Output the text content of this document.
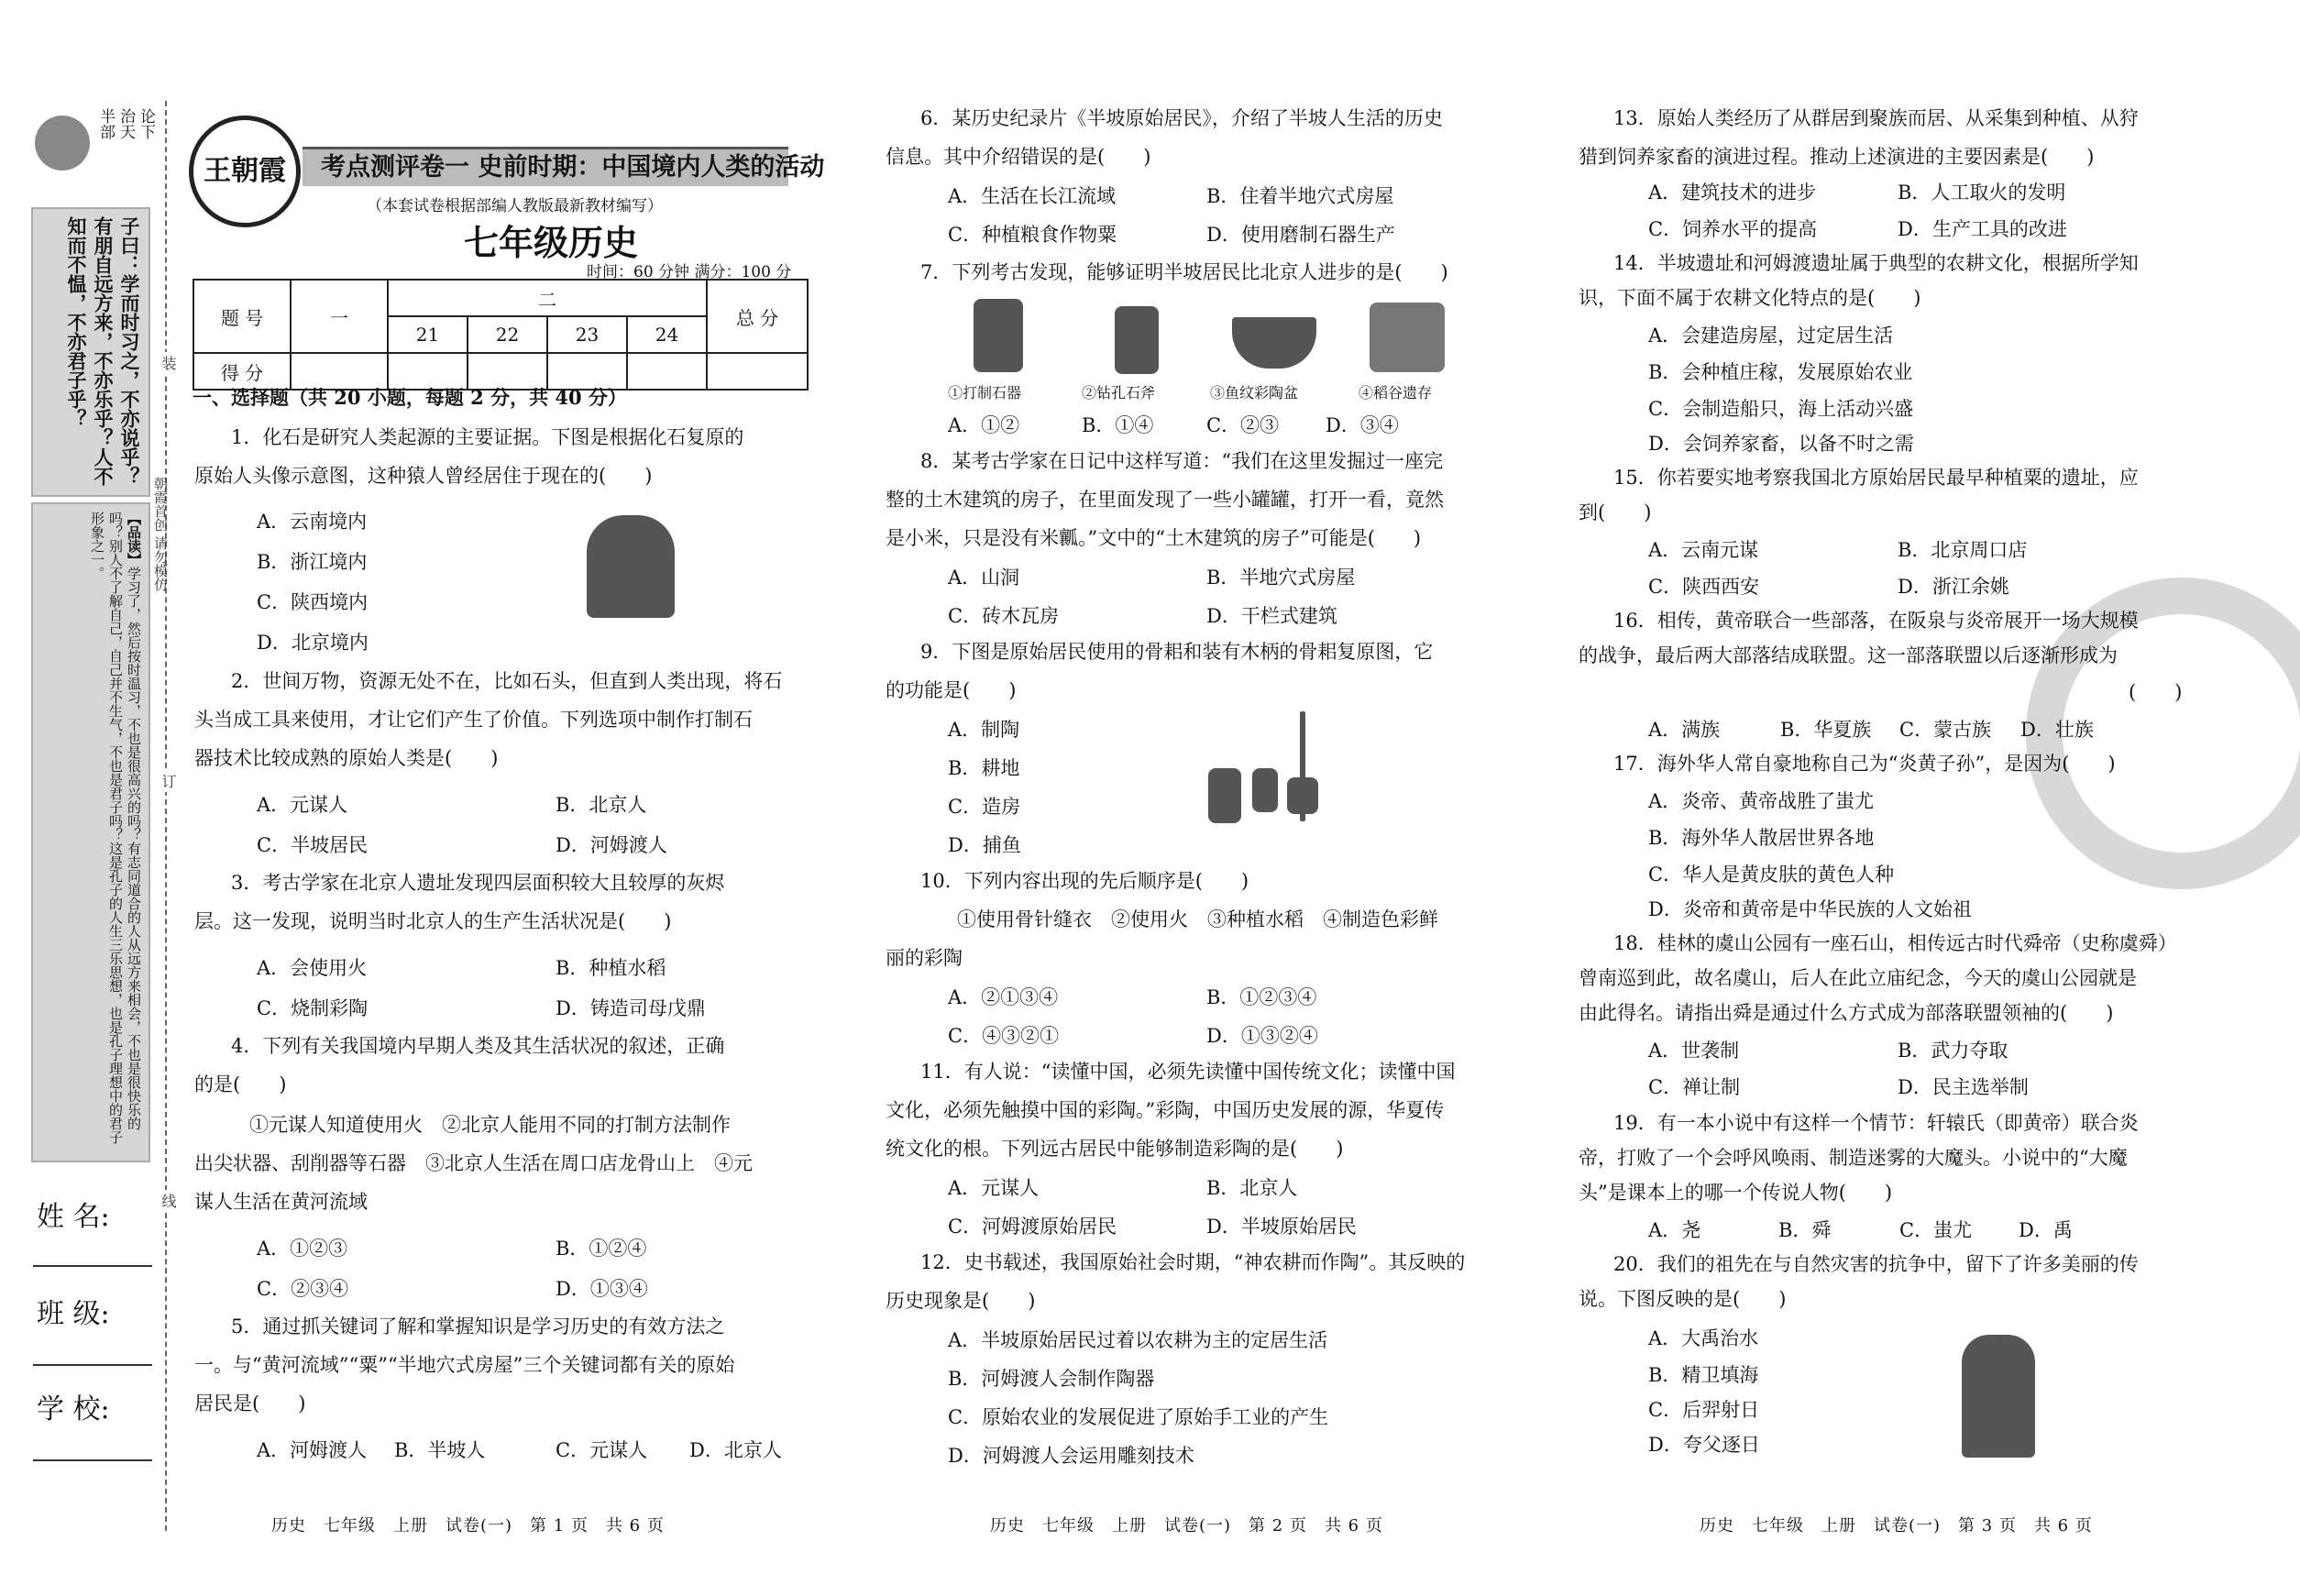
半部 治天 论下
子曰：学而时习之，不亦说乎？有朋自远方来，不亦乐乎？人不知而不愠，不亦君子乎？
【品读】学习了，然后按时温习，不也是很高兴的吗？有志同道合的人从远方来相会，不也是很快乐的吗？别人不了解自己，自己并不生气，不也是君子吗？这是孔子的人生三乐思想，也是孔子理想中的君子形象之一。
装
订
线
朝霞首创 请勿模仿
姓 名:
班 级:
学 校:
王朝霞	考点测评卷一 史前时期：中国境内人类的活动
（本套试卷根据部编人教版最新教材编写）
七年级历史
时间：60 分钟 满分：100 分
题 号	一	二				总 分
		21	22	23	24	
得 分						
一、选择题（共 20 小题，每题 2 分，共 40 分）
1．化石是研究人类起源的主要证据。下图是根据化石复原的
原始人头像示意图，这种猿人曾经居住于现在的(　　)
A．云南境内
B．浙江境内
C．陕西境内
D．北京境内
2．世间万物，资源无处不在，比如石头，但直到人类出现，将石
头当成工具来使用，才让它们产生了价值。下列选项中制作打制石
器技术比较成熟的原始人类是(　　)
A．元谋人	B．北京人
C．半坡居民	D．河姆渡人
3．考古学家在北京人遗址发现四层面积较大且较厚的灰烬
层。这一发现，说明当时北京人的生产生活状况是(　　)
A．会使用火	B．种植水稻
C．烧制彩陶	D．铸造司母戊鼎
4．下列有关我国境内早期人类及其生活状况的叙述，正确
的是(　　)
①元谋人知道使用火　②北京人能用不同的打制方法制作
出尖状器、刮削器等石器　③北京人生活在周口店龙骨山上　④元
谋人生活在黄河流域
A．①②③	B．①②④
C．②③④	D．①③④
5．通过抓关键词了解和掌握知识是学习历史的有效方法之
一。与“黄河流域”“粟”“半地穴式房屋”三个关键词都有关的原始
居民是(　　)
A．河姆渡人 B．半坡人	C．元谋人 D．北京人
历史　七年级　上册　试卷(一)　第 1 页　共 6 页
6．某历史纪录片《半坡原始居民》，介绍了半坡人生活的历史
信息。其中介绍错误的是(　　)
A．生活在长江流域	B．住着半地穴式房屋
C．种植粮食作物粟	D．使用磨制石器生产
7．下列考古发现，能够证明半坡居民比北京人进步的是(　　)
①打制石器	②钻孔石斧	③鱼纹彩陶盆	④稻谷遗存
A．①②	B．①④	C．②③ D．③④
8．某考古学家在日记中这样写道：“我们在这里发掘过一座完
整的土木建筑的房子，在里面发现了一些小罐罐，打开一看，竟然
是小米，只是没有米瓤。”文中的“土木建筑的房子”可能是(　　)
A．山洞	B．半地穴式房屋
C．砖木瓦房	D．干栏式建筑
9．下图是原始居民使用的骨耜和装有木柄的骨耜复原图，它
的功能是(　　)
A．制陶
B．耕地
C．造房
D．捕鱼
10．下列内容出现的先后顺序是(　　)
①使用骨针缝衣　②使用火　③种植水稻　④制造色彩鲜
丽的彩陶
A．②①③④	B．①②③④
C．④③②①	D．①③②④
11．有人说：“读懂中国，必须先读懂中国传统文化；读懂中国
文化，必须先触摸中国的彩陶。”彩陶，中国历史发展的源，华夏传
统文化的根。下列远古居民中能够制造彩陶的是(　　)
A．元谋人	B．北京人
C．河姆渡原始居民	D．半坡原始居民
12．史书载述，我国原始社会时期，“神农耕而作陶”。其反映的
历史现象是(　　)
A．半坡原始居民过着以农耕为主的定居生活
B．河姆渡人会制作陶器
C．原始农业的发展促进了原始手工业的产生
D．河姆渡人会运用雕刻技术
历史　七年级　上册　试卷(一)　第 2 页　共 6 页
13．原始人类经历了从群居到聚族而居、从采集到种植、从狩
猎到饲养家畜的演进过程。推动上述演进的主要因素是(　　)
A．建筑技术的进步	B．人工取火的发明
C．饲养水平的提高	D．生产工具的改进
14．半坡遗址和河姆渡遗址属于典型的农耕文化，根据所学知
识，下面不属于农耕文化特点的是(　　)
A．会建造房屋，过定居生活
B．会种植庄稼，发展原始农业
C．会制造船只，海上活动兴盛
D．会饲养家畜，以备不时之需
15．你若要实地考察我国北方原始居民最早种植粟的遗址，应
到(　　)
A．云南元谋	B．北京周口店
C．陕西西安	D．浙江余姚
16．相传，黄帝联合一些部落，在阪泉与炎帝展开一场大规模
的战争，最后两大部落结成联盟。这一部落联盟以后逐渐形成为
(　　)
A．满族	B．华夏族 C．蒙古族 D．壮族
17．海外华人常自豪地称自己为“炎黄子孙”，是因为(　　)
A．炎帝、黄帝战胜了蚩尤
B．海外华人散居世界各地
C．华人是黄皮肤的黄色人种
D．炎帝和黄帝是中华民族的人文始祖
18．桂林的虞山公园有一座石山，相传远古时代舜帝（史称虞舜）
曾南巡到此，故名虞山，后人在此立庙纪念，今天的虞山公园就是
由此得名。请指出舜是通过什么方式成为部落联盟领袖的(　　)
A．世袭制	B．武力夺取
C．禅让制	D．民主选举制
19．有一本小说中有这样一个情节：轩辕氏（即黄帝）联合炎
帝，打败了一个会呼风唤雨、制造迷雾的大魔头。小说中的“大魔
头”是课本上的哪一个传说人物(　　)
A．尧	B．舜	C．蚩尤 D．禹
20．我们的祖先在与自然灾害的抗争中，留下了许多美丽的传
说。下图反映的是(　　)
A．大禹治水
B．精卫填海
C．后羿射日
D．夸父逐日
历史　七年级　上册　试卷(一)　第 3 页　共 6 页
